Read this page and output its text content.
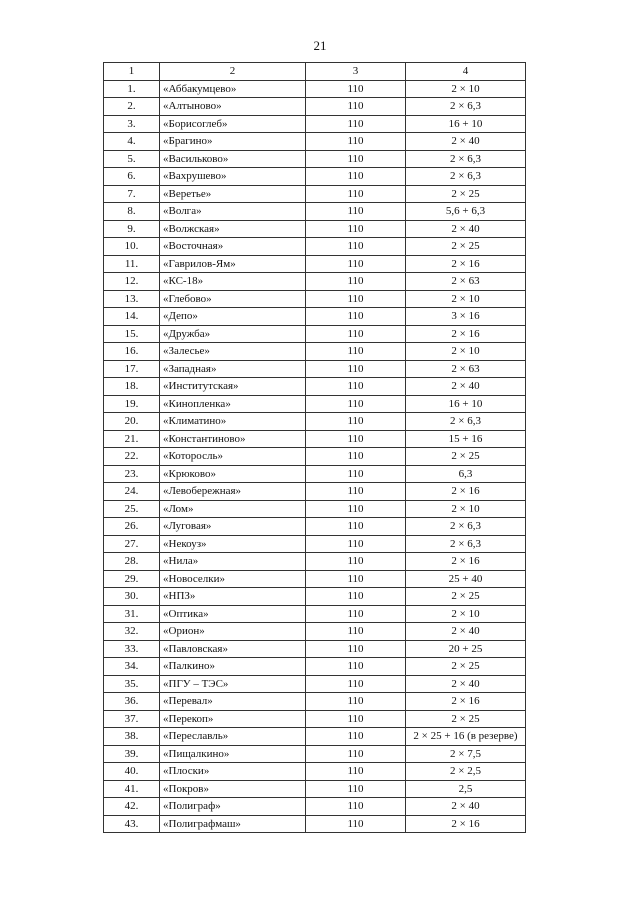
21
1	2	3	4
1.	«Аббакумцево»	110	2 × 10
2.	«Алтыново»	110	2 × 6,3
3.	«Борисоглеб»	110	16 + 10
4.	«Брагино»	110	2 × 40
5.	«Васильково»	110	2 × 6,3
6.	«Вахрушево»	110	2 × 6,3
7.	«Веретье»	110	2 × 25
8.	«Волга»	110	5,6 + 6,3
9.	«Волжская»	110	2 × 40
10.	«Восточная»	110	2 × 25
11.	«Гаврилов-Ям»	110	2 × 16
12.	«КС-18»	110	2 × 63
13.	«Глебово»	110	2 × 10
14.	«Депо»	110	3 × 16
15.	«Дружба»	110	2 × 16
16.	«Залесье»	110	2 × 10
17.	«Западная»	110	2 × 63
18.	«Институтская»	110	2 × 40
19.	«Кинопленка»	110	16 + 10
20.	«Климатино»	110	2 × 6,3
21.	«Константиново»	110	15 + 16
22.	«Которосль»	110	2 × 25
23.	«Крюково»	110	6,3
24.	«Левобережная»	110	2 × 16
25.	«Лом»	110	2 × 10
26.	«Луговая»	110	2 × 6,3
27.	«Некоуз»	110	2 × 6,3
28.	«Нила»	110	2 × 16
29.	«Новоселки»	110	25 + 40
30.	«НПЗ»	110	2 × 25
31.	«Оптика»	110	2 × 10
32.	«Орион»	110	2 × 40
33.	«Павловская»	110	20 + 25
34.	«Палкино»	110	2 × 25
35.	«ПГУ – ТЭС»	110	2 × 40
36.	«Перевал»	110	2 × 16
37.	«Перекоп»	110	2 × 25
38.	«Переславль»	110	2 × 25 + 16 (в резерве)
39.	«Пищалкино»	110	2 × 7,5
40.	«Плоски»	110	2 × 2,5
41.	«Покров»	110	2,5
42.	«Полиграф»	110	2 × 40
43.	«Полиграфмаш»	110	2 × 16
